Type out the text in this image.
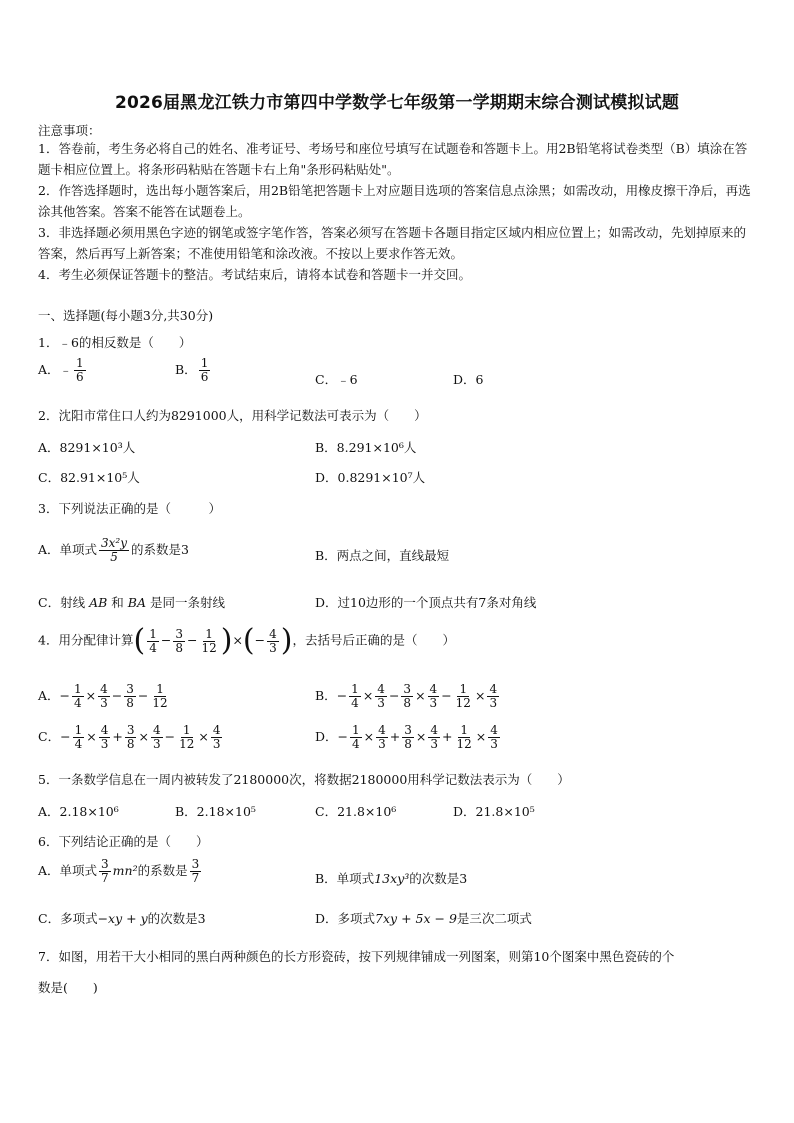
2026届黑龙江铁力市第四中学数学七年级第一学期期末综合测试模拟试题
注意事项：
1．答卷前，考生务必将自己的姓名、准考证号、考场号和座位号填写在试题卷和答题卡上。用2B铅笔将试卷类型（B）填涂在答题卡相应位置上。将条形码粘贴在答题卡右上角"条形码粘贴处"。
2．作答选择题时，选出每小题答案后，用2B铅笔把答题卡上对应题目选项的答案信息点涂黑；如需改动，用橡皮擦干净后，再选涂其他答案。答案不能答在试题卷上。
3．非选择题必须用黑色字迹的钢笔或签字笔作答，答案必须写在答题卡各题目指定区域内相应位置上；如需改动，先划掉原来的答案，然后再写上新答案；不准使用铅笔和涂改液。不按以上要求作答无效。
4．考生必须保证答题卡的整洁。考试结束后，请将本试卷和答题卡一并交回。
一、选择题(每小题3分,共30分)
1．﹣6的相反数是（　　）
A．﹣ $\frac{1}{6}$	B． $\frac{1}{6}$	C．﹣6	D．6
2．沈阳市常住口人约为8291000人，用科学记数法可表示为（　　）
A．8291×10³人	B．8.291×10⁶人
C．82.91×10⁵人	D．0.8291×10⁷人
3．下列说法正确的是（　　　）
A．单项式 $\frac{\text{3x²y}}{5}$ 的系数是3	B．两点之间，直线最短
C．射线 AB 和 BA 是同一条射线	D．过10边形的一个顶点共有7条对角线
4．用分配律计算( $\frac{1}{4} - \frac{3}{8} - \frac{1}{12}$ )×(− $\frac{4}{3}$ )，去括号后正确的是（　　）
A．− $\frac{1}{4} \times \frac{4}{3} - \frac{3}{8} - \frac{1}{12}$	B．− $\frac{1}{4} \times \frac{4}{3} - \frac{3}{8} \times \frac{4}{3} - \frac{1}{12} \times \frac{4}{3}$
C．− $\frac{1}{4} \times \frac{4}{3} + \frac{3}{8} \times \frac{4}{3} - \frac{1}{12} \times \frac{4}{3}$	D．− $\frac{1}{4} \times \frac{4}{3} + \frac{3}{8} \times \frac{4}{3} + \frac{1}{12} \times \frac{4}{3}$
5．一条数学信息在一周内被转发了2180000次，将数据2180000用科学记数法表示为（　　）
A．2.18×10⁶	B．2.18×10⁵	C．21.8×10⁶	D．21.8×10⁵
6．下列结论正确的是（　　）
A．单项式 $\frac{3}{7} mn^2$的系数是 $\frac{3}{7}$	B．单项式13xy³的次数是3
C．多项式−xy + y的次数是3	D．多项式7xy + 5x − 9是三次二项式
7．如图，用若干大小相同的黑白两种颜色的长方形瓷砖，按下列规律铺成一列图案，则第10个图案中黑色瓷砖的个
数是(　　)
